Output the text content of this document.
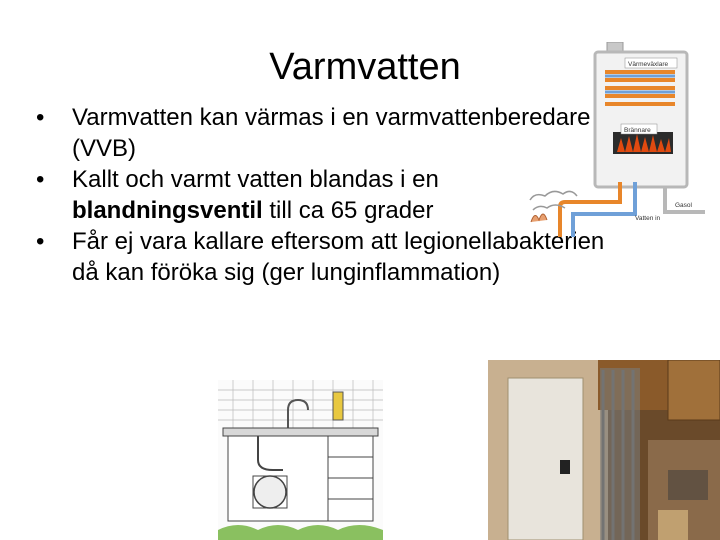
Varmvatten
• Varmvatten kan värmas i en varmvattenberedare (VVB)
• Kallt och varmt vatten blandas i en blandningsventil till ca 65 grader
• Får ej vara kallare eftersom att legionellabakterien då kan föröka sig (ger lunginflammation)
Värmeväxlare
Brännare
Gasol
Vatten in
